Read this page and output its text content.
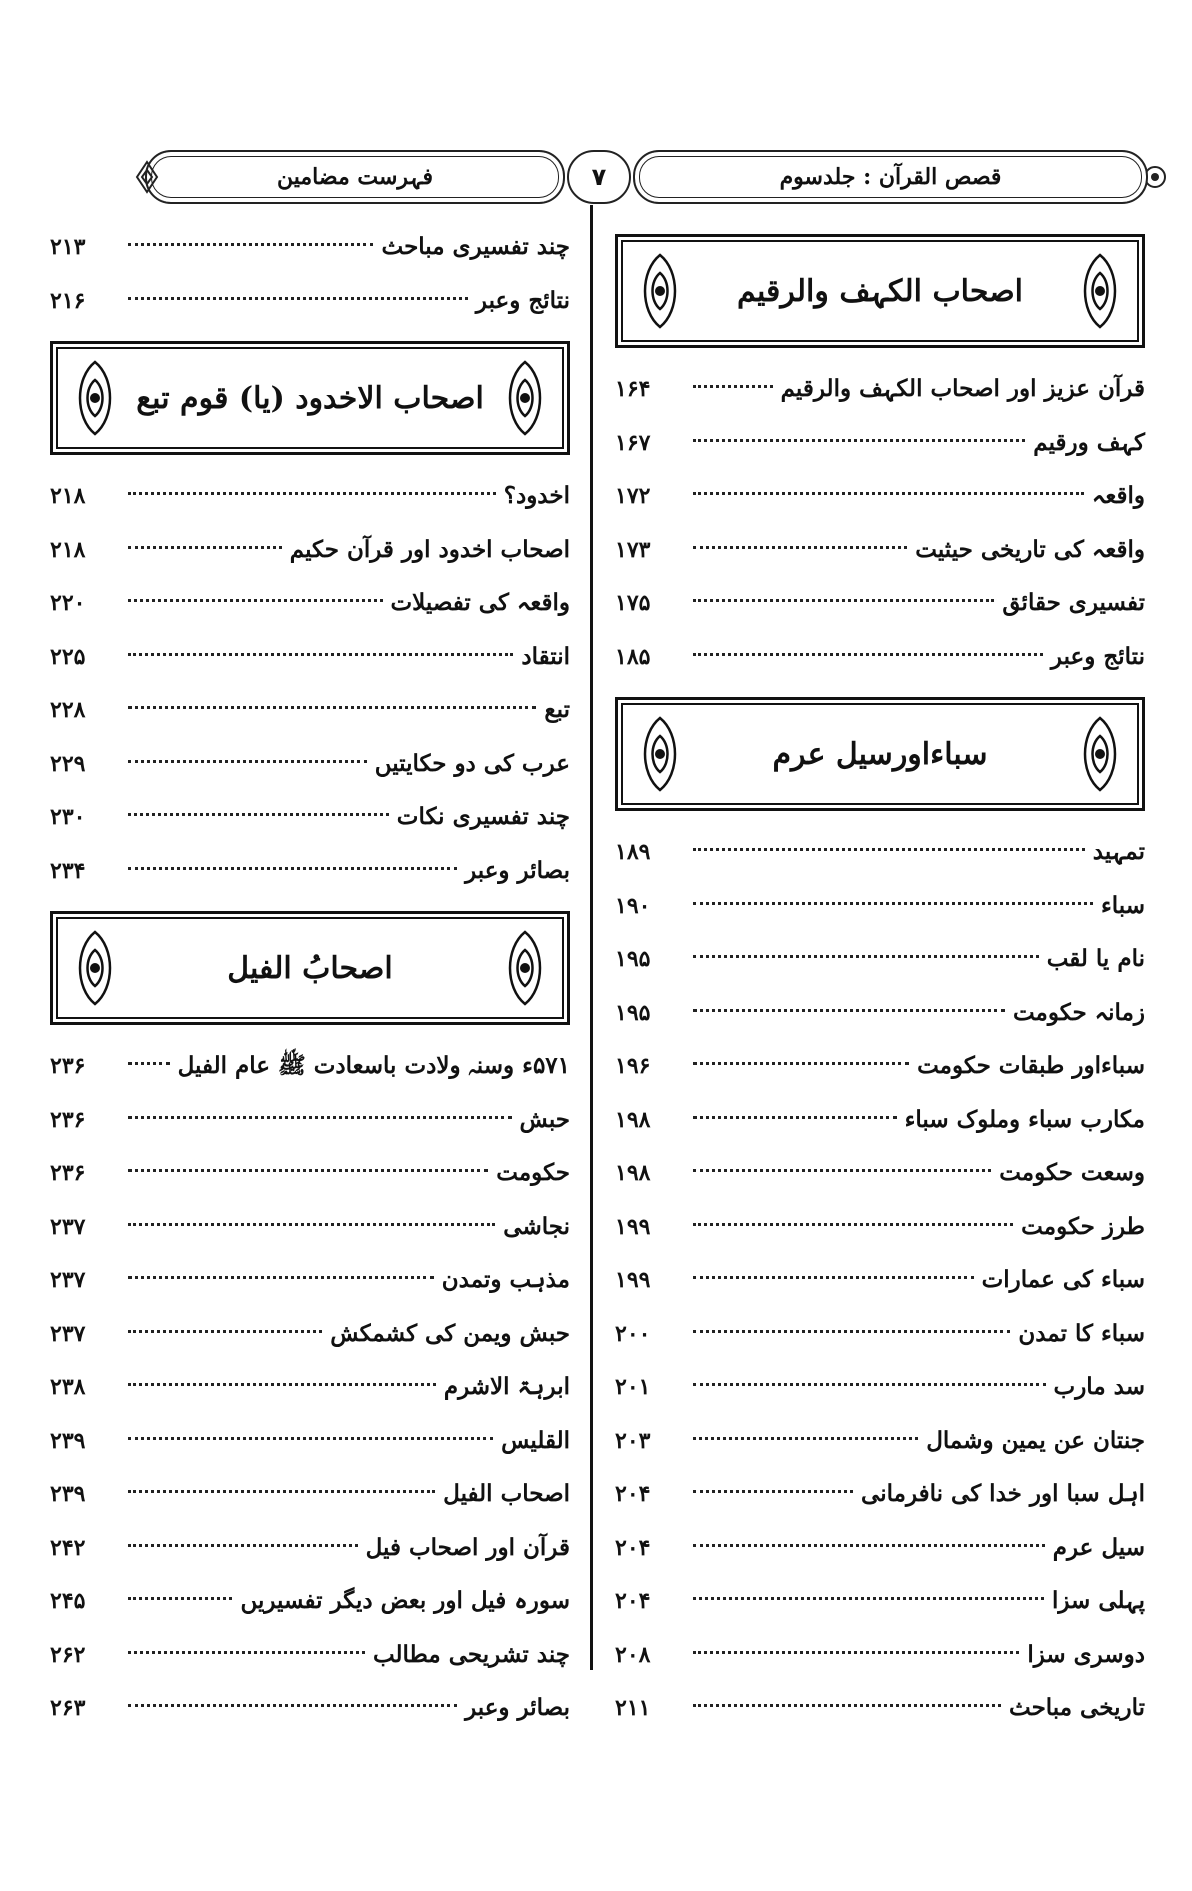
فہرست مضامین	۷	قصص القرآن : جلدسوم
اصحاب الکہف والرقیم
قرآن عزیز اور اصحاب الکہف والرقیم
۱۶۴
کہف ورقیم
۱۶۷
واقعہ
۱۷۲
واقعہ کی تاریخی حیثیت
۱۷۳
تفسیری حقائق
۱۷۵
نتائج وعبر
۱۸۵
سباءاورسیل عرم
تمہید
۱۸۹
سباء
۱۹۰
نام یا لقب
۱۹۵
زمانہ حکومت
۱۹۵
سباءاور طبقات حکومت
۱۹۶
مکارب سباء وملوک سباء
۱۹۸
وسعت حکومت
۱۹۸
طرز حکومت
۱۹۹
سباء کی عمارات
۱۹۹
سباء کا تمدن
۲۰۰
سد مارب
۲۰۱
جنتان عن یمین وشمال
۲۰۳
اہل سبا اور خدا کی نافرمانی
۲۰۴
سیل عرم
۲۰۴
پہلی سزا
۲۰۴
دوسری سزا
۲۰۸
تاریخی مباحث
۲۱۱
چند تفسیری مباحث
۲۱۳
نتائج وعبر
۲۱۶
اصحاب الاخدود (یا) قوم تبع
اخدود؟
۲۱۸
اصحاب اخدود اور قرآن حکیم
۲۱۸
واقعہ کی تفصیلات
۲۲۰
انتقاد
۲۲۵
تبع
۲۲۸
عرب کی دو حکایتیں
۲۲۹
چند تفسیری نکات
۲۳۰
بصائر وعبر
۲۳۴
اصحابُ الفیل
۵۷۱ء وسنہ ولادت باسعادت ﷺ عام الفیل
۲۳۶
حبش
۲۳۶
حکومت
۲۳۶
نجاشی
۲۳۷
مذہب وتمدن
۲۳۷
حبش ویمن کی کشمکش
۲۳۷
ابرہۃ الاشرم
۲۳۸
القلیس
۲۳۹
اصحاب الفیل
۲۳۹
قرآن اور اصحاب فیل
۲۴۲
سورہ فیل اور بعض دیگر تفسیریں
۲۴۵
چند تشریحی مطالب
۲۶۲
بصائر وعبر
۲۶۳
